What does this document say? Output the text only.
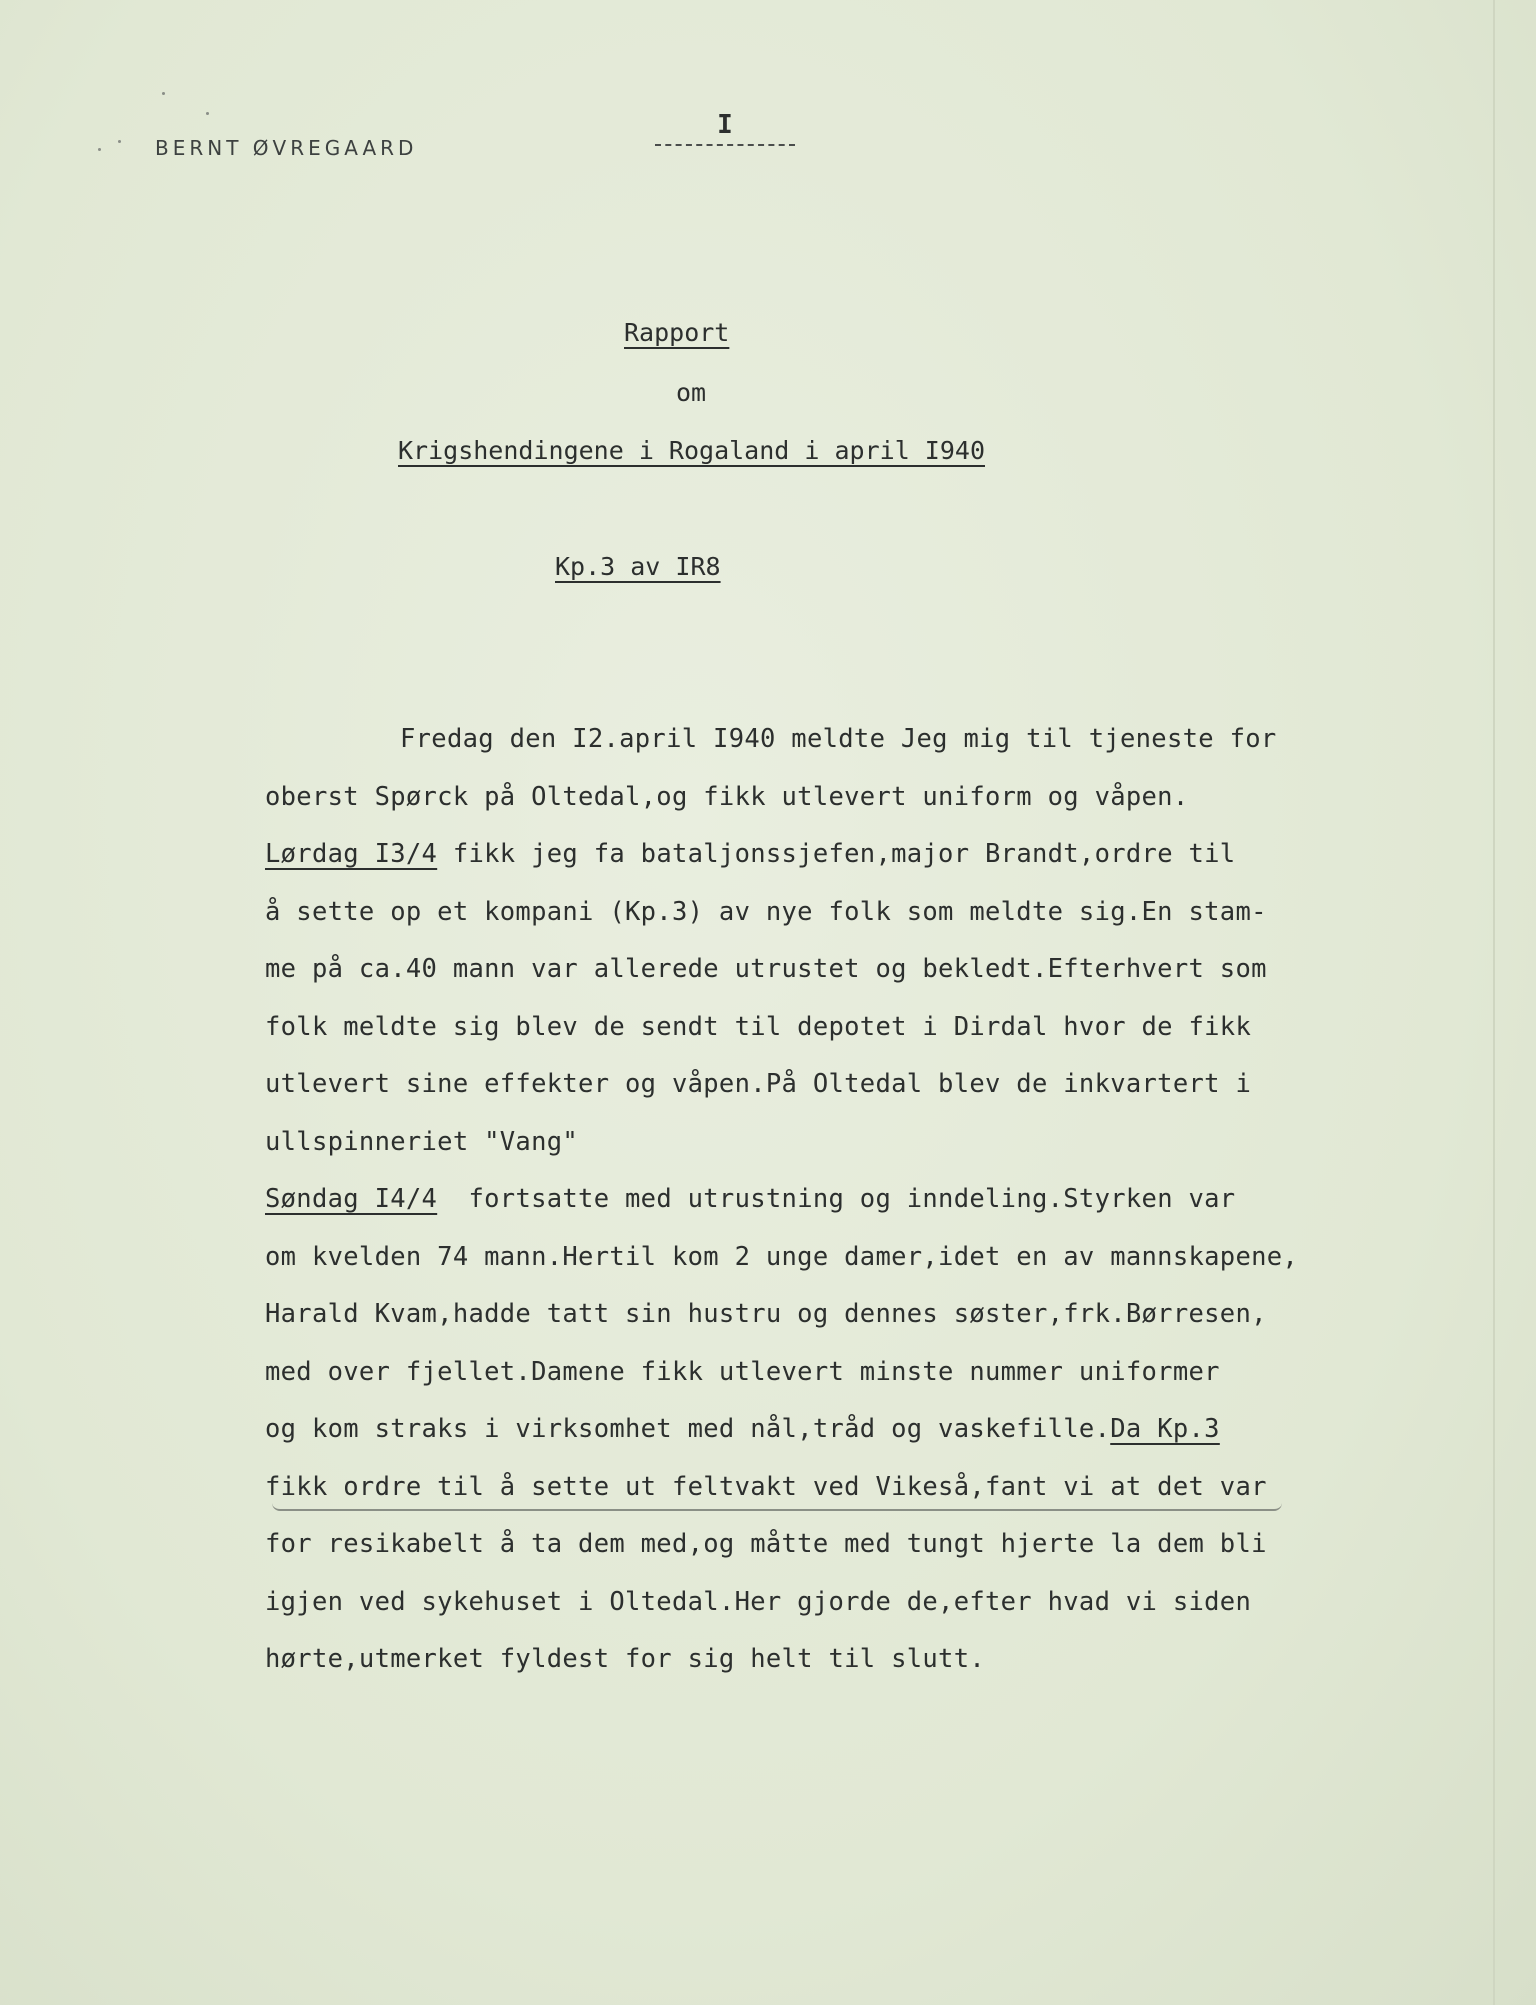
BERNT ØVREGAARD
I
Rapport
om
Krigshendingene i Rogaland i april I940
Kp.3 av IR8
Fredag den I2.april I940 meldte Jeg mig til tjeneste for
oberst Spørck på Oltedal,og fikk utlevert uniform og våpen.
Lørdag I3/4 fikk jeg fa bataljonssjefen,major Brandt,ordre til
å sette op et kompani (Kp.3) av nye folk som meldte sig.En stam-
me på ca.40 mann var allerede utrustet og bekledt.Efterhvert som
folk meldte sig blev de sendt til depotet i Dirdal hvor de fikk
utlevert sine effekter og våpen.På Oltedal blev de inkvartert i
ullspinneriet "Vang"
Søndag I4/4  fortsatte med utrustning og inndeling.Styrken var
om kvelden 74 mann.Hertil kom 2 unge damer,idet en av mannskapene,
Harald Kvam,hadde tatt sin hustru og dennes søster,frk.Børresen,
med over fjellet.Damene fikk utlevert minste nummer uniformer
og kom straks i virksomhet med nål,tråd og vaskefille.Da Kp.3
fikk ordre til å sette ut feltvakt ved Vikeså,fant vi at det var
for resikabelt å ta dem med,og måtte med tungt hjerte la dem bli
igjen ved sykehuset i Oltedal.Her gjorde de,efter hvad vi siden
hørte,utmerket fyldest for sig helt til slutt.
